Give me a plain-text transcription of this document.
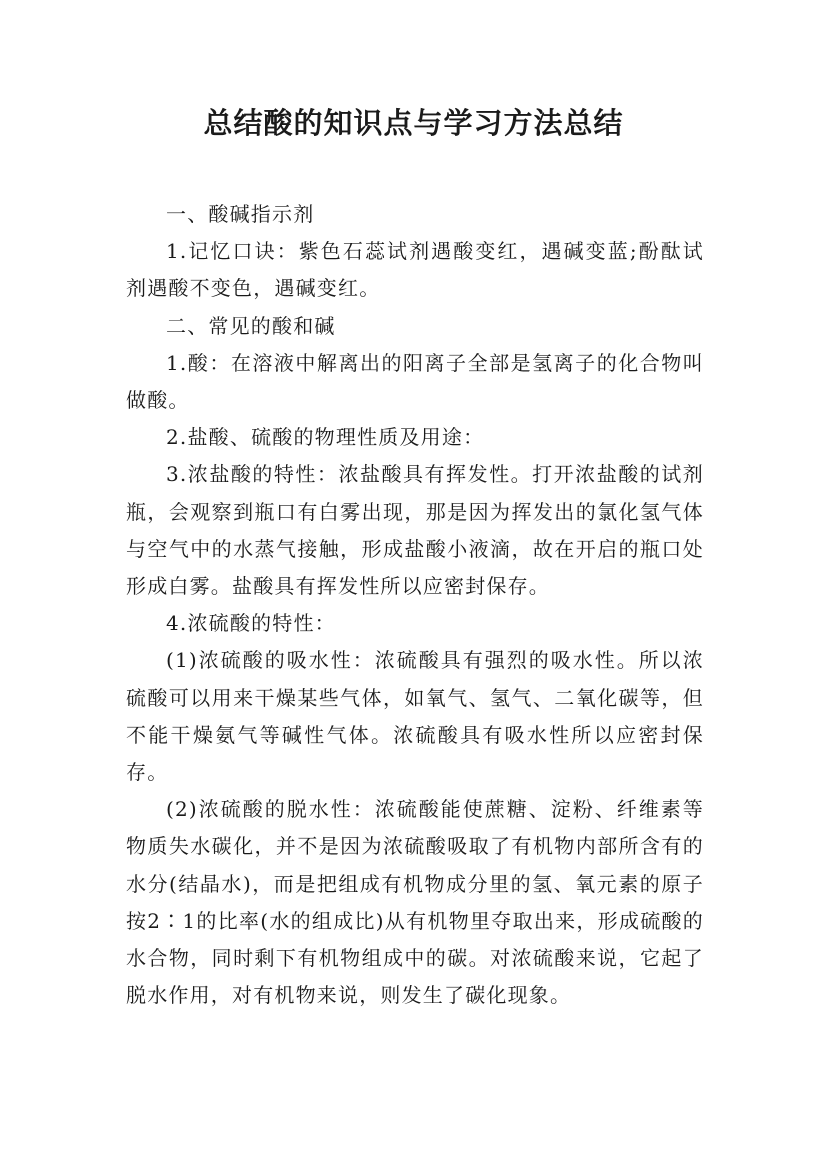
总结酸的知识点与学习方法总结

一、酸碱指示剂

1.记忆口诀：紫色石蕊试剂遇酸变红，遇碱变蓝;酚酞试剂遇酸不变色，遇碱变红。

二、常见的酸和碱

1.酸：在溶液中解离出的阳离子全部是氢离子的化合物叫做酸。

2.盐酸、硫酸的物理性质及用途：

3.浓盐酸的特性：浓盐酸具有挥发性。打开浓盐酸的试剂瓶，会观察到瓶口有白雾出现，那是因为挥发出的氯化氢气体与空气中的水蒸气接触，形成盐酸小液滴，故在开启的瓶口处形成白雾。盐酸具有挥发性所以应密封保存。

4.浓硫酸的特性：

(1)浓硫酸的吸水性：浓硫酸具有强烈的吸水性。所以浓硫酸可以用来干燥某些气体，如氧气、氢气、二氧化碳等，但不能干燥氨气等碱性气体。浓硫酸具有吸水性所以应密封保存。

(2)浓硫酸的脱水性：浓硫酸能使蔗糖、淀粉、纤维素等物质失水碳化，并不是因为浓硫酸吸取了有机物内部所含有的水分(结晶水)，而是把组成有机物成分里的氢、氧元素的原子按2∶1的比率(水的组成比)从有机物里夺取出来，形成硫酸的水合物，同时剩下有机物组成中的碳。对浓硫酸来说，它起了脱水作用，对有机物来说，则发生了碳化现象。
